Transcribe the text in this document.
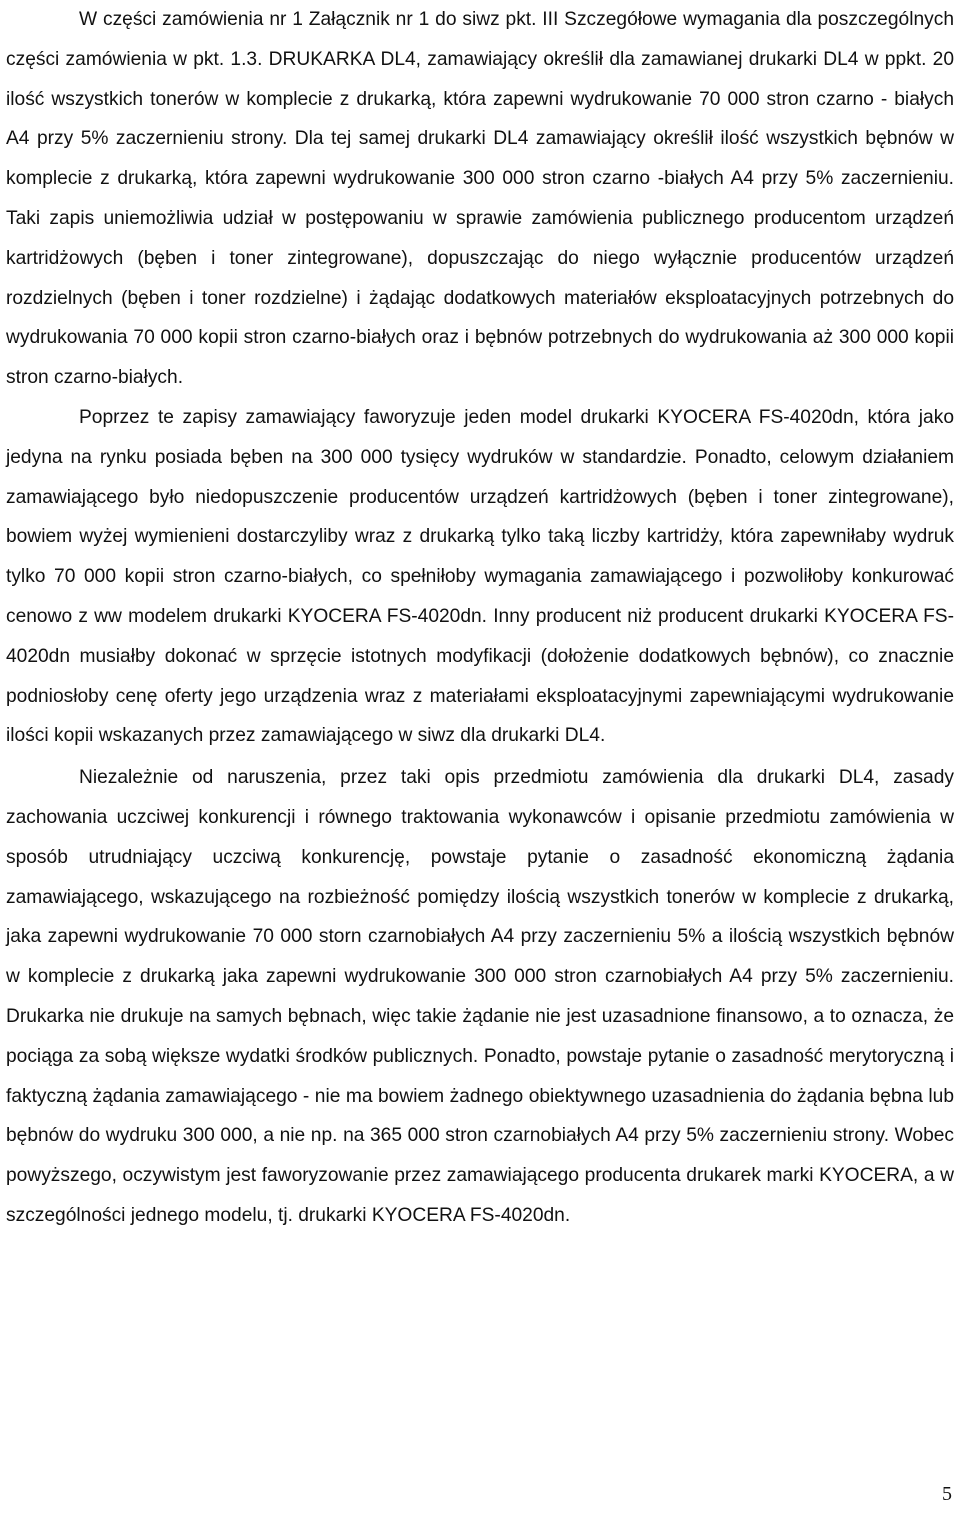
W części zamówienia nr 1 Załącznik nr 1 do siwz pkt. III Szczegółowe wymagania dla poszczególnych części zamówienia w pkt. 1.3. DRUKARKA DL4, zamawiający określił dla zamawianej drukarki DL4 w ppkt. 20 ilość wszystkich tonerów w komplecie z drukarką, która zapewni wydrukowanie 70 000 stron czarno - białych A4 przy 5% zaczernieniu strony. Dla tej samej drukarki DL4 zamawiający określił ilość wszystkich bębnów w komplecie z drukarką, która zapewni wydrukowanie 300 000 stron czarno -białych A4 przy 5% zaczernieniu. Taki zapis uniemożliwia udział w postępowaniu w sprawie zamówienia publicznego producentom urządzeń kartridżowych (bęben i toner zintegrowane), dopuszczając do niego wyłącznie producentów urządzeń rozdzielnych (bęben i toner rozdzielne) i żądając dodatkowych materiałów eksploatacyjnych potrzebnych do wydrukowania 70 000 kopii stron czarno-białych oraz i bębnów potrzebnych do wydrukowania aż 300 000 kopii stron czarno-białych.

Poprzez te zapisy zamawiający faworyzuje jeden model drukarki KYOCERA FS-4020dn, która jako jedyna na rynku posiada bęben na 300 000 tysięcy wydruków w standardzie. Ponadto, celowym działaniem zamawiającego było niedopuszczenie producentów urządzeń kartridżowych (bęben i toner zintegrowane), bowiem wyżej wymienieni dostarczyliby wraz z drukarką tylko taką liczby kartridży, która zapewniłaby wydruk tylko 70 000 kopii stron czarno-białych, co spełniłoby wymagania zamawiającego i pozwoliłoby konkurować cenowo z ww modelem drukarki KYOCERA FS-4020dn. Inny producent niż producent drukarki KYOCERA FS-4020dn musiałby dokonać w sprzęcie istotnych modyfikacji (dołożenie dodatkowych bębnów), co znacznie podniosłoby cenę oferty jego urządzenia wraz z materiałami eksploatacyjnymi zapewniającymi wydrukowanie ilości kopii wskazanych przez zamawiającego w siwz dla drukarki DL4.

Niezależnie od naruszenia, przez taki opis przedmiotu zamówienia dla drukarki DL4, zasady zachowania uczciwej konkurencji i równego traktowania wykonawców i opisanie przedmiotu zamówienia w sposób utrudniający uczciwą konkurencję, powstaje pytanie o zasadność ekonomiczną żądania zamawiającego, wskazującego na rozbieżność pomiędzy ilością wszystkich tonerów w komplecie z drukarką, jaka zapewni wydrukowanie 70 000 storn czarnobiałych A4 przy zaczernieniu 5% a ilością wszystkich bębnów w komplecie z drukarką jaka zapewni wydrukowanie 300 000 stron czarnobiałych A4 przy 5% zaczernieniu. Drukarka nie drukuje na samych bębnach, więc takie żądanie nie jest uzasadnione finansowo, a to oznacza, że pociąga za sobą większe wydatki środków publicznych. Ponadto, powstaje pytanie o zasadność merytoryczną i faktyczną żądania zamawiającego - nie ma bowiem żadnego obiektywnego uzasadnienia do żądania bębna lub bębnów do wydruku 300 000, a nie np. na 365 000 stron czarnobiałych A4 przy 5% zaczernieniu strony. Wobec powyższego, oczywistym jest faworyzowanie przez zamawiającego producenta drukarek marki KYOCERA, a w szczególności jednego modelu, tj. drukarki KYOCERA FS-4020dn.

5
